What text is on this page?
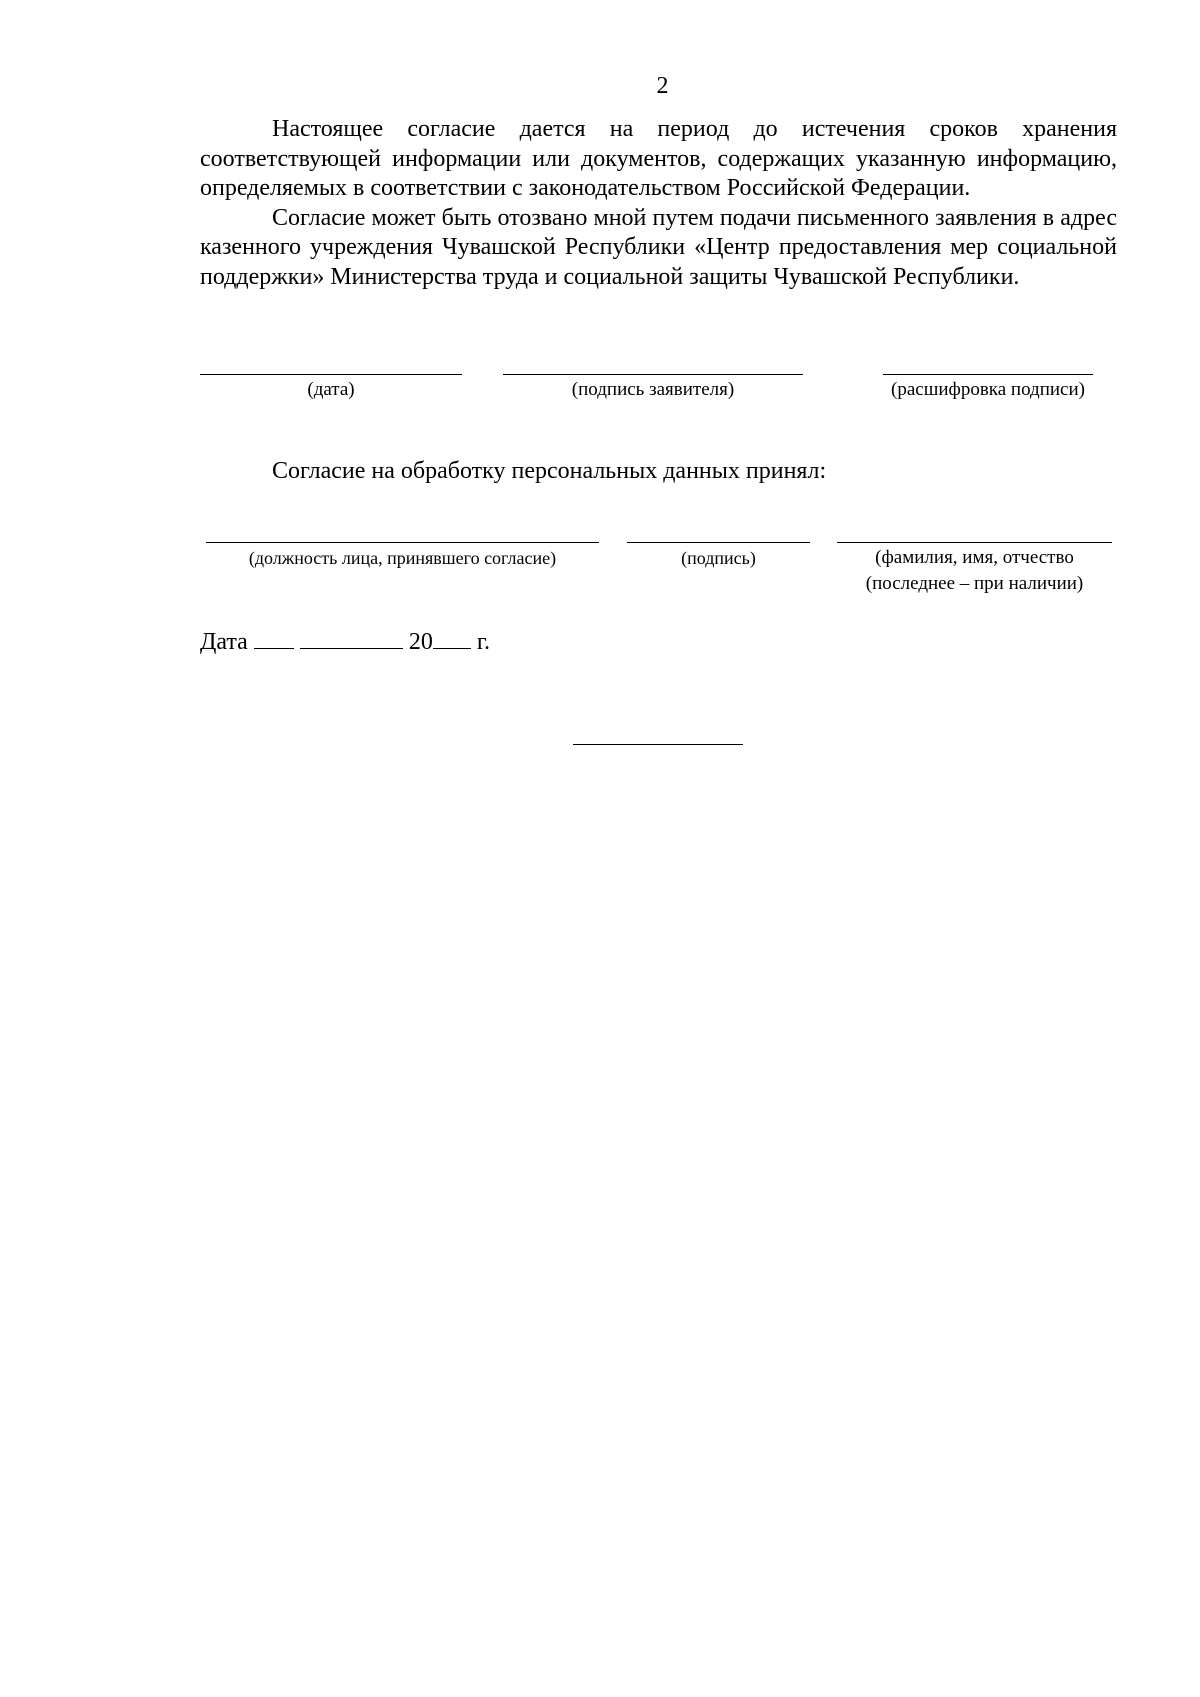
2

Настоящее согласие дается на период до истечения сроков хранения соответствующей информации или документов, содержащих указанную информацию, определяемых в соответствии с законодательством Российской Федерации.

Согласие может быть отозвано мной путем подачи письменного заявления в адрес казенного учреждения Чувашской Республики «Центр предоставления мер социальной поддержки» Министерства труда и социальной защиты Чувашской Республики.

(дата)	(подпись заявителя)	(расшифровка подписи)
Согласие на обработку персональных данных принял:
(должность лица, принявшего согласие)	(подпись)	(фамилия, имя, отчество
(последнее – при наличии)
Дата	20 г.
